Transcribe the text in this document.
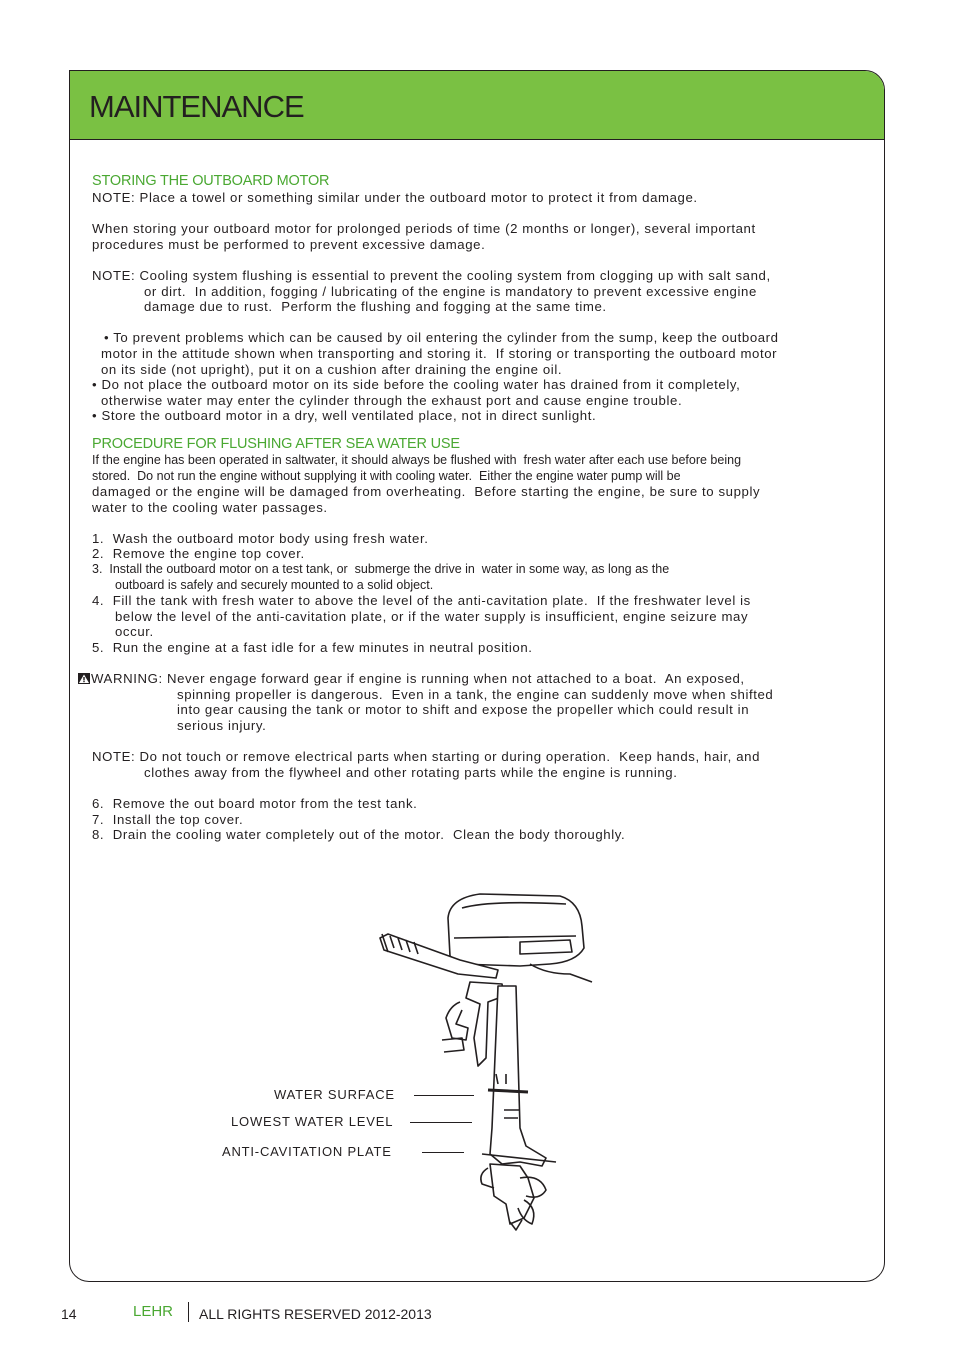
MAINTENANCE
STORING THE OUTBOARD MOTOR

NOTE: Place a towel or something similar under the outboard motor to protect it from damage.

When storing your outboard motor for prolonged periods of time (2 months or longer), several important

procedures must be performed to prevent excessive damage.

NOTE: Cooling system flushing is essential to prevent the cooling system from clogging up with salt sand,

or dirt.  In addition, fogging / lubricating of the engine is mandatory to prevent excessive engine

damage due to rust.  Perform the flushing and fogging at the same time.

• To prevent problems which can be caused by oil entering the cylinder from the sump, keep the outboard

motor in the attitude shown when transporting and storing it.  If storing or transporting the outboard motor

on its side (not upright), put it on a cushion after draining the engine oil.

• Do not place the outboard motor on its side before the cooling water has drained from it completely,

otherwise water may enter the cylinder through the exhaust port and cause engine trouble.

• Store the outboard motor in a dry, well ventilated place, not in direct sunlight.

PROCEDURE FOR FLUSHING AFTER SEA WATER USE

If the engine has been operated in saltwater, it should always be flushed with  fresh water after each use before being

stored.  Do not run the engine without supplying it with cooling water.  Either the engine water pump will be

damaged or the engine will be damaged from overheating.  Before starting the engine, be sure to supply

water to the cooling water passages.

1.  Wash the outboard motor body using fresh water.

2.  Remove the engine top cover.

3.  Install the outboard motor on a test tank, or  submerge the drive in  water in some way, as long as the

outboard is safely and securely mounted to a solid object.

4.  Fill the tank with fresh water to above the level of the anti-cavitation plate.  If the freshwater level is

below the level of the anti-cavitation plate, or if the water supply is insufficient, engine seizure may

occur.

5.  Run the engine at a fast idle for a few minutes in neutral position.

WARNING: Never engage forward gear if engine is running when not attached to a boat.  An exposed,

spinning propeller is dangerous.  Even in a tank, the engine can suddenly move when shifted

into gear causing the tank or motor to shift and expose the propeller which could result in

serious injury.

NOTE: Do not touch or remove electrical parts when starting or during operation.  Keep hands, hair, and

clothes away from the flywheel and other rotating parts while the engine is running.

6.  Remove the out board motor from the test tank.

7.  Install the top cover.

8.  Drain the cooling water completely out of the motor.  Clean the body thoroughly.

WATER SURFACE
LOWEST WATER LEVEL
ANTI-CAVITATION PLATE
14	LEHR ALL RIGHTS RESERVED 2012-2013
